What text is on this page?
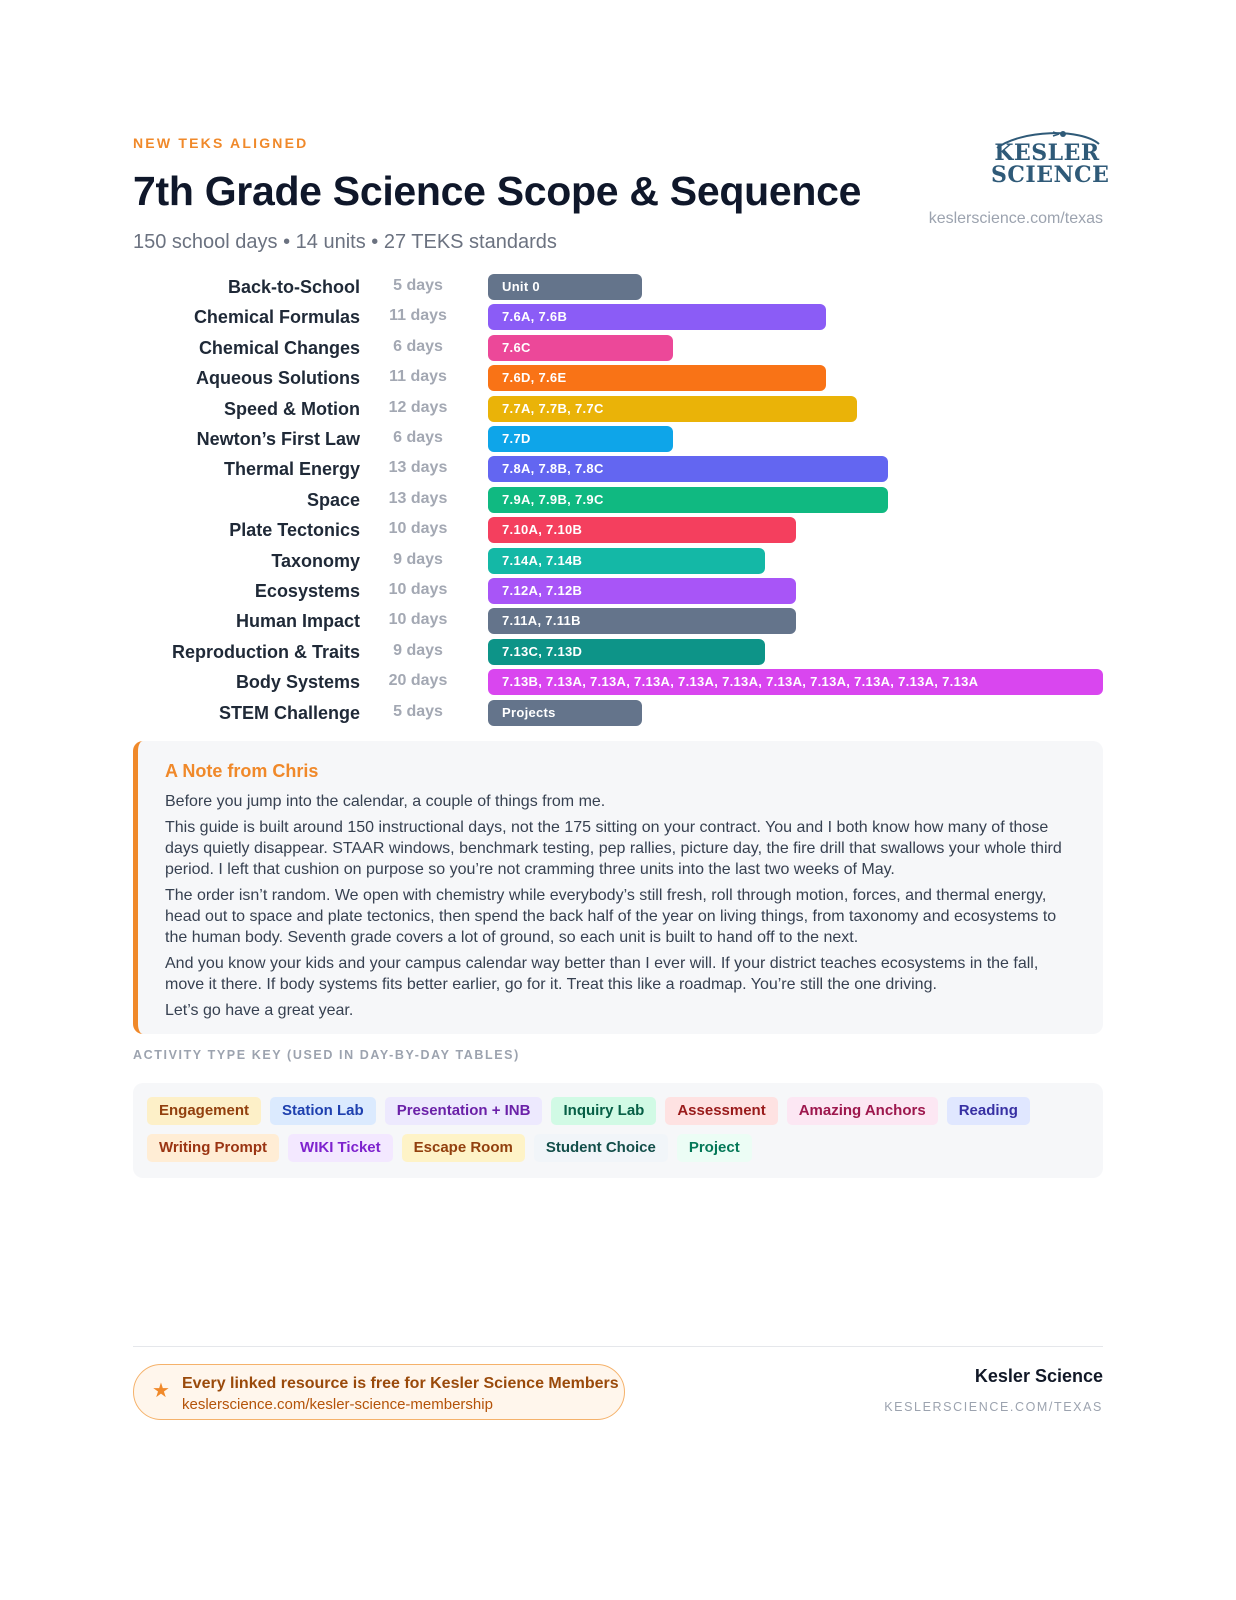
NEW TEKS ALIGNED
7th Grade Science Scope & Sequence
150 school days • 14 units • 27 TEKS standards
KESLER
SCIENCE
keslerscience.com/texas
Back-to-School	5 days	Unit 0
Chemical Formulas	11 days	7.6A, 7.6B
Chemical Changes	6 days	7.6C
Aqueous Solutions	11 days	7.6D, 7.6E
Speed & Motion	12 days	7.7A, 7.7B, 7.7C
Newton’s First Law	6 days	7.7D
Thermal Energy	13 days	7.8A, 7.8B, 7.8C
Space	13 days	7.9A, 7.9B, 7.9C
Plate Tectonics	10 days	7.10A, 7.10B
Taxonomy	9 days	7.14A, 7.14B
Ecosystems	10 days	7.12A, 7.12B
Human Impact	10 days	7.11A, 7.11B
Reproduction & Traits	9 days	7.13C, 7.13D
Body Systems	20 days	7.13B, 7.13A, 7.13A, 7.13A, 7.13A, 7.13A, 7.13A, 7.13A, 7.13A, 7.13A, 7.13A
STEM Challenge	5 days	Projects
A Note from Chris

Before you jump into the calendar, a couple of things from me.

This guide is built around 150 instructional days, not the 175 sitting on your contract. You and I both know how many of those days quietly disappear. STAAR windows, benchmark testing, pep rallies, picture day, the fire drill that swallows your whole third period. I left that cushion on purpose so you’re not cramming three units into the last two weeks of May.

The order isn’t random. We open with chemistry while everybody’s still fresh, roll through motion, forces, and thermal energy, head out to space and plate tectonics, then spend the back half of the year on living things, from taxonomy and ecosystems to the human body. Seventh grade covers a lot of ground, so each unit is built to hand off to the next.

And you know your kids and your campus calendar way better than I ever will. If your district teaches ecosystems in the fall, move it there. If body systems fits better earlier, go for it. Treat this like a roadmap. You’re still the one driving.

Let’s go have a great year.

ACTIVITY TYPE KEY (USED IN DAY-BY-DAY TABLES)
Engagement	Station Lab	Presentation + INB	Inquiry Lab	Assessment	Amazing Anchors	Reading
Writing Prompt	WIKI Ticket	Escape Room	Student Choice	Project
★ Every linked resource is free for Kesler Science Members
keslerscience.com/kesler-science-membership
Kesler Science
KESLERSCIENCE.COM/TEXAS
